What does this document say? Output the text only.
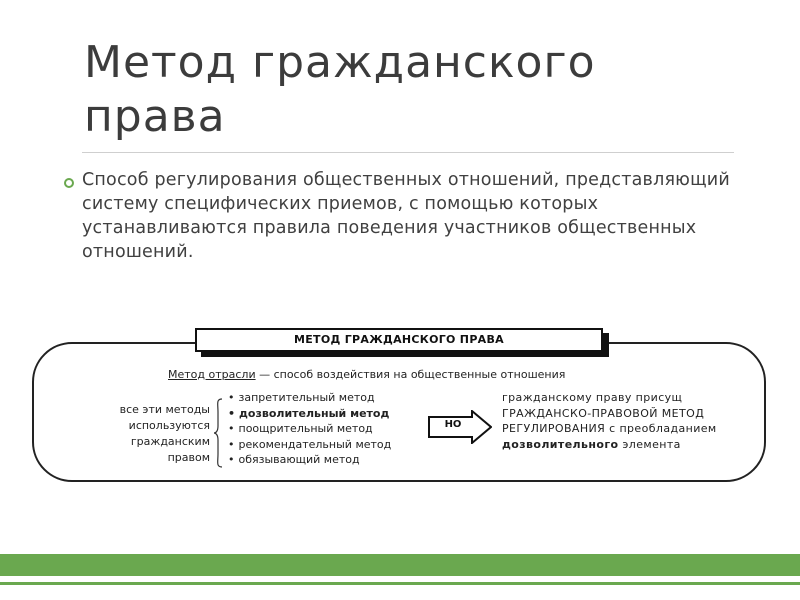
Метод гражданского права
Способ регулирования общественных отношений, представляющий систему специфических приемов, с помощью которых устанавливаются правила поведения участников общественных отношений.
МЕТОД ГРАЖДАНСКОГО ПРАВА
Метод отрасли — способ воздействия на общественные отношения
все эти методы используются гражданским правом
• запретительный метод
• дозволительный метод
• поощрительный метод
• рекомендательный метод
• обязывающий метод
НО
гражданскому праву присущ ГРАЖДАНСКО-ПРАВОВОЙ МЕТОД РЕГУЛИРОВАНИЯ с преобладанием дозволительного элемента
